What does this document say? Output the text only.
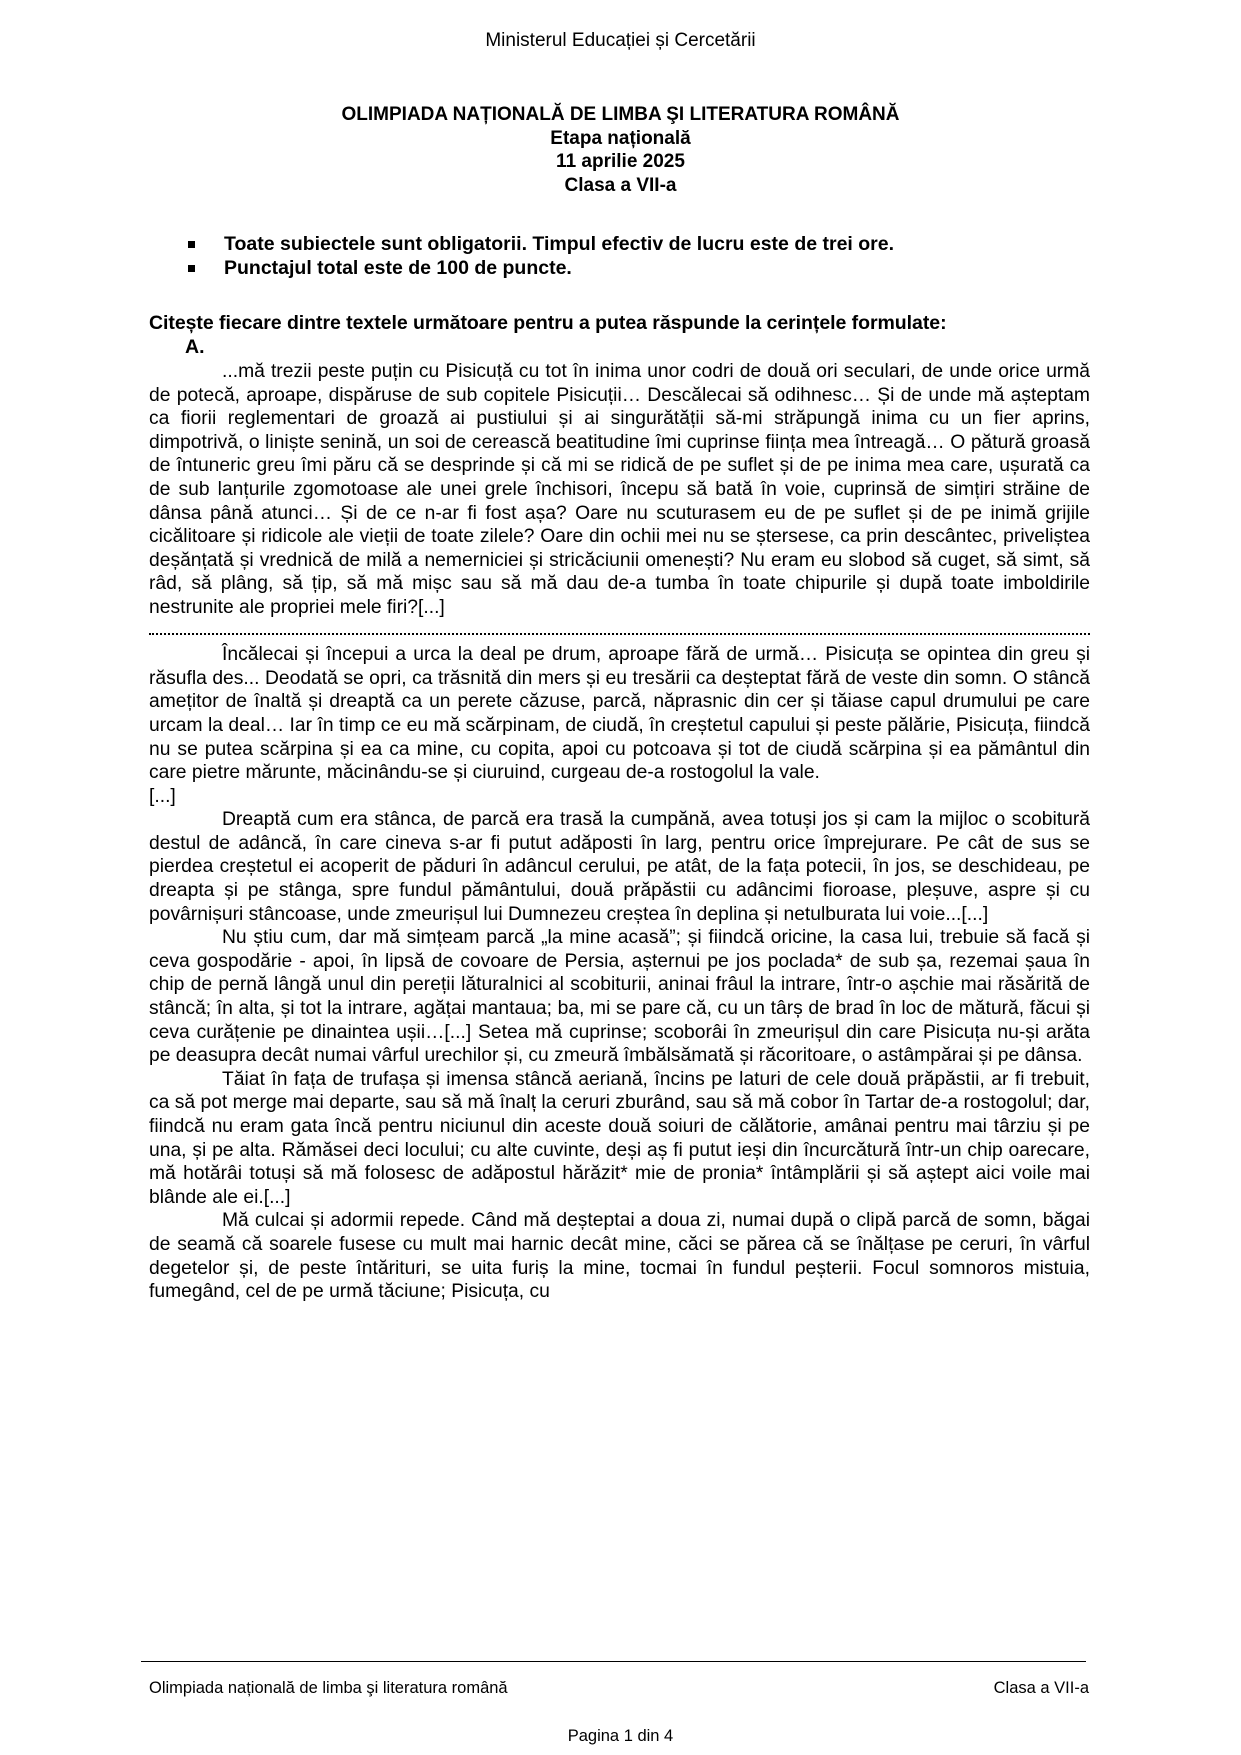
Ministerul Educației și Cercetării
OLIMPIADA NAȚIONALĂ DE LIMBA ŞI LITERATURA ROMÂNĂ
Etapa națională
11 aprilie 2025
Clasa a VII-a
Toate subiectele sunt obligatorii. Timpul efectiv de lucru este de trei ore.
Punctajul total este de 100 de puncte.
Citește fiecare dintre textele următoare pentru a putea răspunde la cerințele formulate:
A.

...mă trezii peste puțin cu Pisicuță cu tot în inima unor codri de două ori seculari, de unde orice urmă de potecă, aproape, dispăruse de sub copitele Pisicuții… Descălecai să odihnesc… Și de unde mă așteptam ca fiorii reglementari de groază ai pustiului și ai singurătății să-mi străpungă inima cu un fier aprins, dimpotrivă, o liniște senină, un soi de cerească beatitudine îmi cuprinse ființa mea întreagă… O pătură groasă de întuneric greu îmi păru că se desprinde și că mi se ridică de pe suflet și de pe inima mea care, ușurată ca de sub lanțurile zgomotoase ale unei grele închisori, începu să bată în voie, cuprinsă de simțiri străine de dânsa până atunci… Și de ce n-ar fi fost așa? Oare nu scuturasem eu de pe suflet și de pe inimă grijile cicălitoare și ridicole ale vieții de toate zilele? Oare din ochii mei nu se ștersese, ca prin descântec, priveliștea deșănțată și vrednică de milă a nemerniciei și stricăciunii omenești? Nu eram eu slobod să cuget, să simt, să râd, să plâng, să țip, să mă mișc sau să mă dau de-a tumba în toate chipurile și după toate imboldirile nestrunite ale propriei mele firi?[...]

Încălecai și începui a urca la deal pe drum, aproape fără de urmă… Pisicuța se opintea din greu și răsufla des... Deodată se opri, ca trăsnită din mers și eu tresării ca deșteptat fără de veste din somn. O stâncă amețitor de înaltă și dreaptă ca un perete căzuse, parcă, năprasnic din cer și tăiase capul drumului pe care urcam la deal… Iar în timp ce eu mă scărpinam, de ciudă, în creștetul capului și peste pălărie, Pisicuța, fiindcă nu se putea scărpina și ea ca mine, cu copita, apoi cu potcoava și tot de ciudă scărpina și ea pământul din care pietre mărunte, măcinându-se și ciuruind, curgeau de-a rostogolul la vale.

[...]

Dreaptă cum era stânca, de parcă era trasă la cumpănă, avea totuși jos și cam la mijloc o scobitură destul de adâncă, în care cineva s-ar fi putut adăposti în larg, pentru orice împrejurare. Pe cât de sus se pierdea creștetul ei acoperit de păduri în adâncul cerului, pe atât, de la fața potecii, în jos, se deschideau, pe dreapta și pe stânga, spre fundul pământului, două prăpăstii cu adâncimi fioroase, pleșuve, aspre și cu povârnișuri stâncoase, unde zmeurișul lui Dumnezeu creștea în deplina și netulburata lui voie...[...]

Nu știu cum, dar mă simțeam parcă „la mine acasă”; și fiindcă oricine, la casa lui, trebuie să facă și ceva gospodărie - apoi, în lipsă de covoare de Persia, așternui pe jos poclada* de sub șa, rezemai șaua în chip de pernă lângă unul din pereții lăturalnici al scobiturii, aninai frâul la intrare, într-o așchie mai răsărită de stâncă; în alta, și tot la intrare, agățai mantaua; ba, mi se pare că, cu un târș de brad în loc de mătură, făcui și ceva curățenie pe dinaintea ușii…[...] Setea mă cuprinse; scoborâi în zmeurișul din care Pisicuța nu-și arăta pe deasupra decât numai vârful urechilor și, cu zmeură îmbălsămată și răcoritoare, o astâmpărai și pe dânsa.

Tăiat în fața de trufașa și imensa stâncă aeriană, încins pe laturi de cele două prăpăstii, ar fi trebuit, ca să pot merge mai departe, sau să mă înalț la ceruri zburând, sau să mă cobor în Tartar de-a rostogolul; dar, fiindcă nu eram gata încă pentru niciunul din aceste două soiuri de călătorie, amânai pentru mai târziu și pe una, și pe alta. Rămăsei deci locului; cu alte cuvinte, deși aș fi putut ieși din încurcătură într-un chip oarecare, mă hotărâi totuși să mă folosesc de adăpostul hărăzit* mie de pronia* întâmplării și să aștept aici voile mai blânde ale ei.[...]

Mă culcai și adormii repede. Când mă deșteptai a doua zi, numai după o clipă parcă de somn, băgai de seamă că soarele fusese cu mult mai harnic decât mine, căci se părea că se înălțase pe ceruri, în vârful degetelor și, de peste întărituri, se uita furiș la mine, tocmai în fundul peșterii. Focul somnoros mistuia, fumegând, cel de pe urmă tăciune; Pisicuța, cu

Olimpiada națională de limba şi literatura română	Clasa a VII-a
Pagina 1 din 4
